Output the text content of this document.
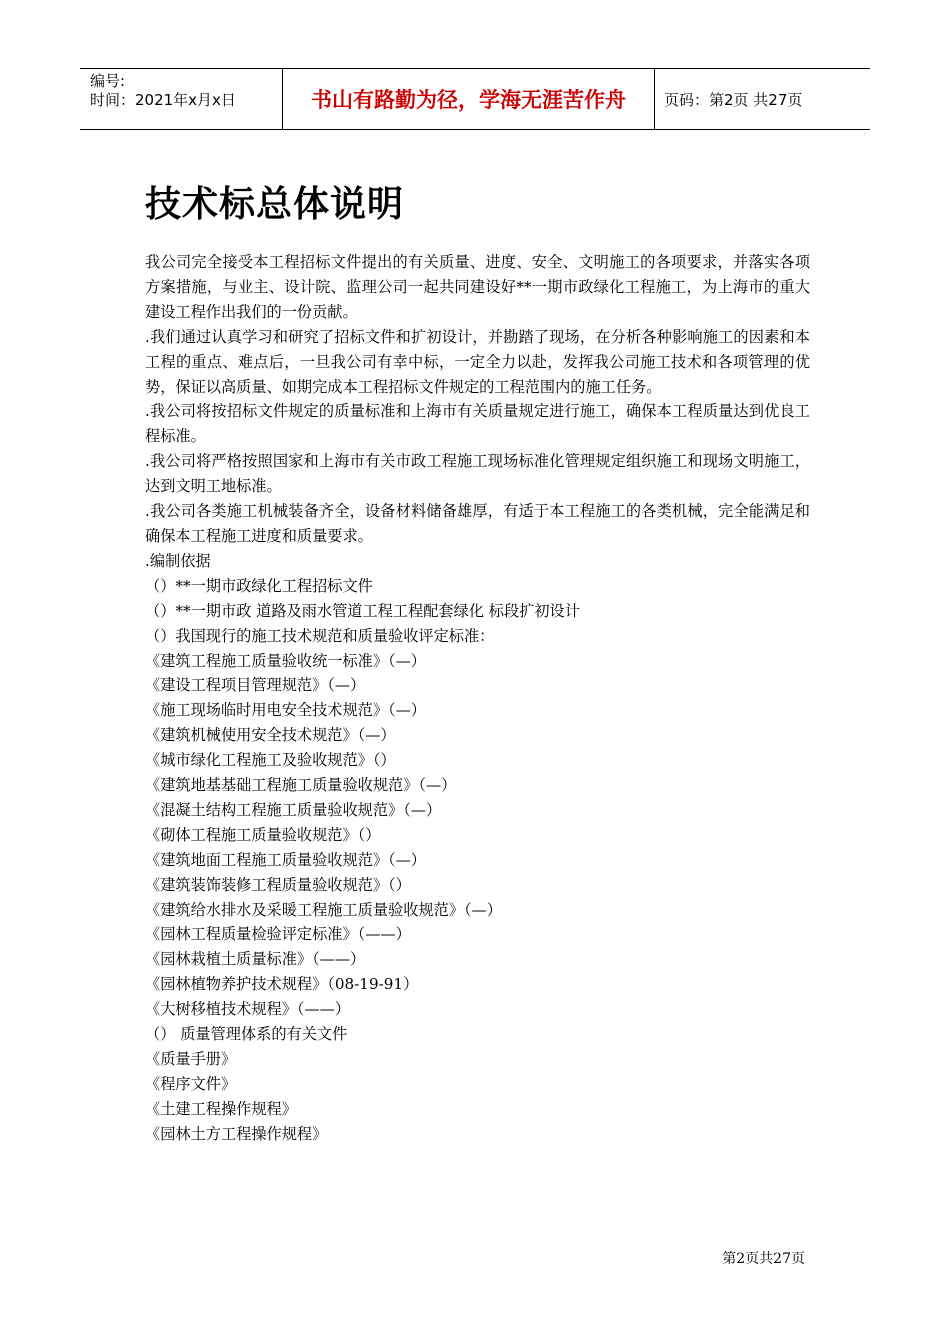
编号:
时间：2021年x月x日	书山有路勤为径，学海无涯苦作舟	页码：第2页 共27页
技术标总体说明

我公司完全接受本工程招标文件提出的有关质量、进度、安全、文明施工的各项要求，并落实各项方案措施，与业主、设计院、监理公司一起共同建设好**一期市政绿化工程施工，为上海市的重大建设工程作出我们的一份贡献。

.我们通过认真学习和研究了招标文件和扩初设计，并勘踏了现场，在分析各种影响施工的因素和本工程的重点、难点后，一旦我公司有幸中标，一定全力以赴，发挥我公司施工技术和各项管理的优势，保证以高质量、如期完成本工程招标文件规定的工程范围内的施工任务。

.我公司将按招标文件规定的质量标准和上海市有关质量规定进行施工，确保本工程质量达到优良工程标准。

.我公司将严格按照国家和上海市有关市政工程施工现场标准化管理规定组织施工和现场文明施工，达到文明工地标准。

.我公司各类施工机械装备齐全，设备材料储备雄厚，有适于本工程施工的各类机械，完全能满足和确保本工程施工进度和质量要求。

.编制依据
（）**一期市政绿化工程招标文件
（）**一期市政 道路及雨水管道工程工程配套绿化 标段扩初设计
（）我国现行的施工技术规范和质量验收评定标准：
《建筑工程施工质量验收统一标准》（—）
《建设工程项目管理规范》（—）
《施工现场临时用电安全技术规范》（—）
《建筑机械使用安全技术规范》（—）
《城市绿化工程施工及验收规范》（）
《建筑地基基础工程施工质量验收规范》（—）
《混凝土结构工程施工质量验收规范》（—）
《砌体工程施工质量验收规范》（）
《建筑地面工程施工质量验收规范》（—）
《建筑装饰装修工程质量验收规范》（）
《建筑给水排水及采暖工程施工质量验收规范》（—）
《园林工程质量检验评定标准》（——）
《园林栽植土质量标准》（——）
《园林植物养护技术规程》（08-19-91）
《大树移植技术规程》（——）
（） 质量管理体系的有关文件
《质量手册》
《程序文件》
《土建工程操作规程》
《园林土方工程操作规程》
第2页共27页
